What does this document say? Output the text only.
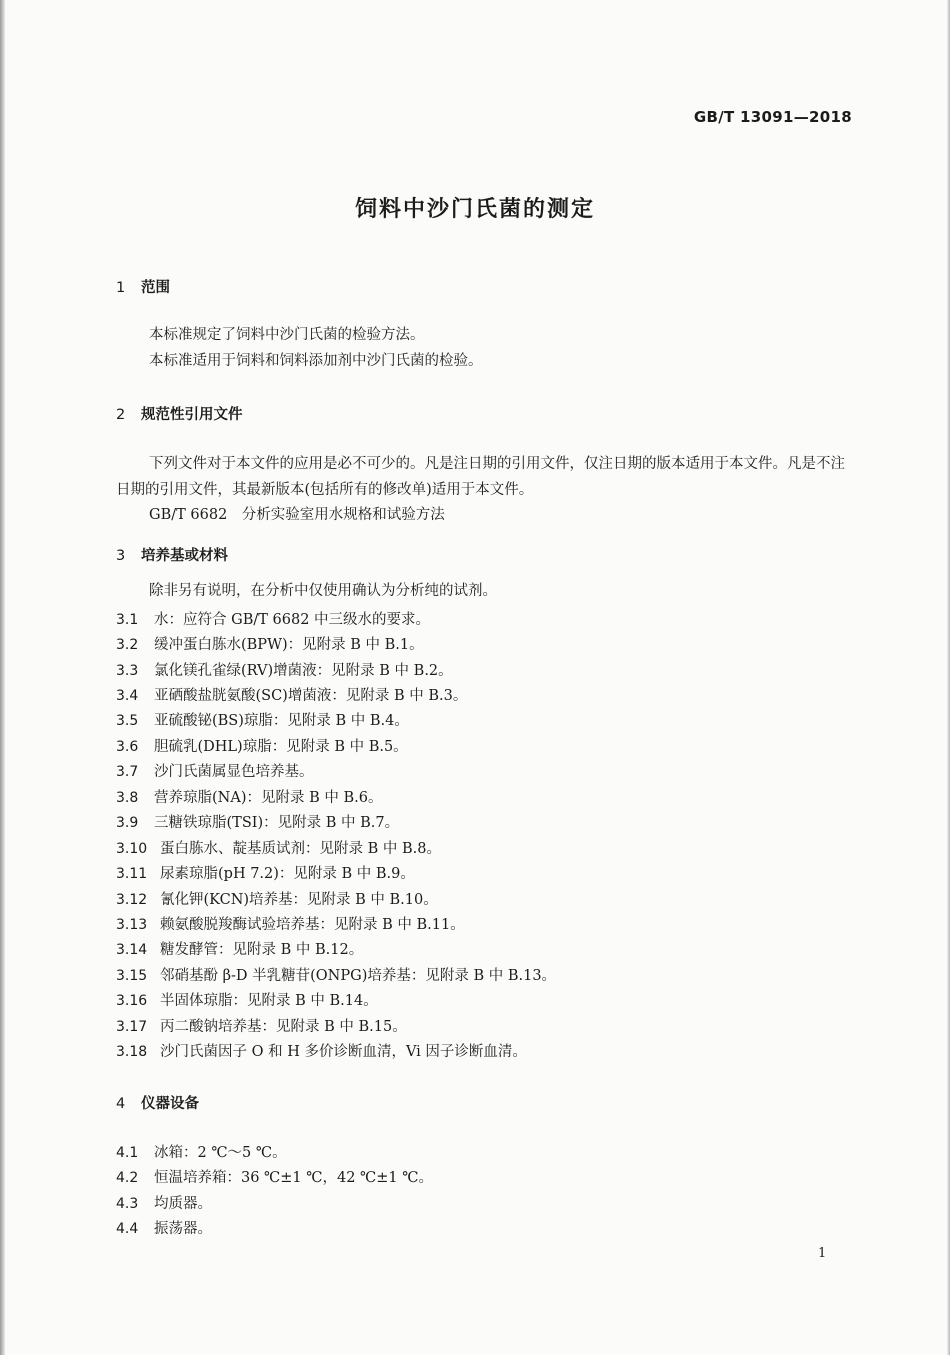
GB/T 13091—2018
饲料中沙门氏菌的测定
1 范围
本标准规定了饲料中沙门氏菌的检验方法。
本标准适用于饲料和饲料添加剂中沙门氏菌的检验。
2 规范性引用文件
下列文件对于本文件的应用是必不可少的。凡是注日期的引用文件，仅注日期的版本适用于本文件。凡是不注日期的引用文件，其最新版本(包括所有的修改单)适用于本文件。
GB/T 6682　分析实验室用水规格和试验方法
3 培养基或材料
除非另有说明，在分析中仅使用确认为分析纯的试剂。
3.1 水：应符合 GB/T 6682 中三级水的要求。
3.2 缓冲蛋白胨水(BPW)：见附录 B 中 B.1。
3.3 氯化镁孔雀绿(RV)增菌液：见附录 B 中 B.2。
3.4 亚硒酸盐胱氨酸(SC)增菌液：见附录 B 中 B.3。
3.5 亚硫酸铋(BS)琼脂：见附录 B 中 B.4。
3.6 胆硫乳(DHL)琼脂：见附录 B 中 B.5。
3.7 沙门氏菌属显色培养基。
3.8 营养琼脂(NA)：见附录 B 中 B.6。
3.9 三糖铁琼脂(TSI)：见附录 B 中 B.7。
3.10 蛋白胨水、靛基质试剂：见附录 B 中 B.8。
3.11 尿素琼脂(pH 7.2)：见附录 B 中 B.9。
3.12 氰化钾(KCN)培养基：见附录 B 中 B.10。
3.13 赖氨酸脱羧酶试验培养基：见附录 B 中 B.11。
3.14 糖发酵管：见附录 B 中 B.12。
3.15 邻硝基酚 β-D 半乳糖苷(ONPG)培养基：见附录 B 中 B.13。
3.16 半固体琼脂：见附录 B 中 B.14。
3.17 丙二酸钠培养基：见附录 B 中 B.15。
3.18 沙门氏菌因子 O 和 H 多价诊断血清，Vi 因子诊断血清。
4 仪器设备
4.1 冰箱：2 ℃～5 ℃。
4.2 恒温培养箱：36 ℃±1 ℃，42 ℃±1 ℃。
4.3 均质器。
4.4 振荡器。
1
